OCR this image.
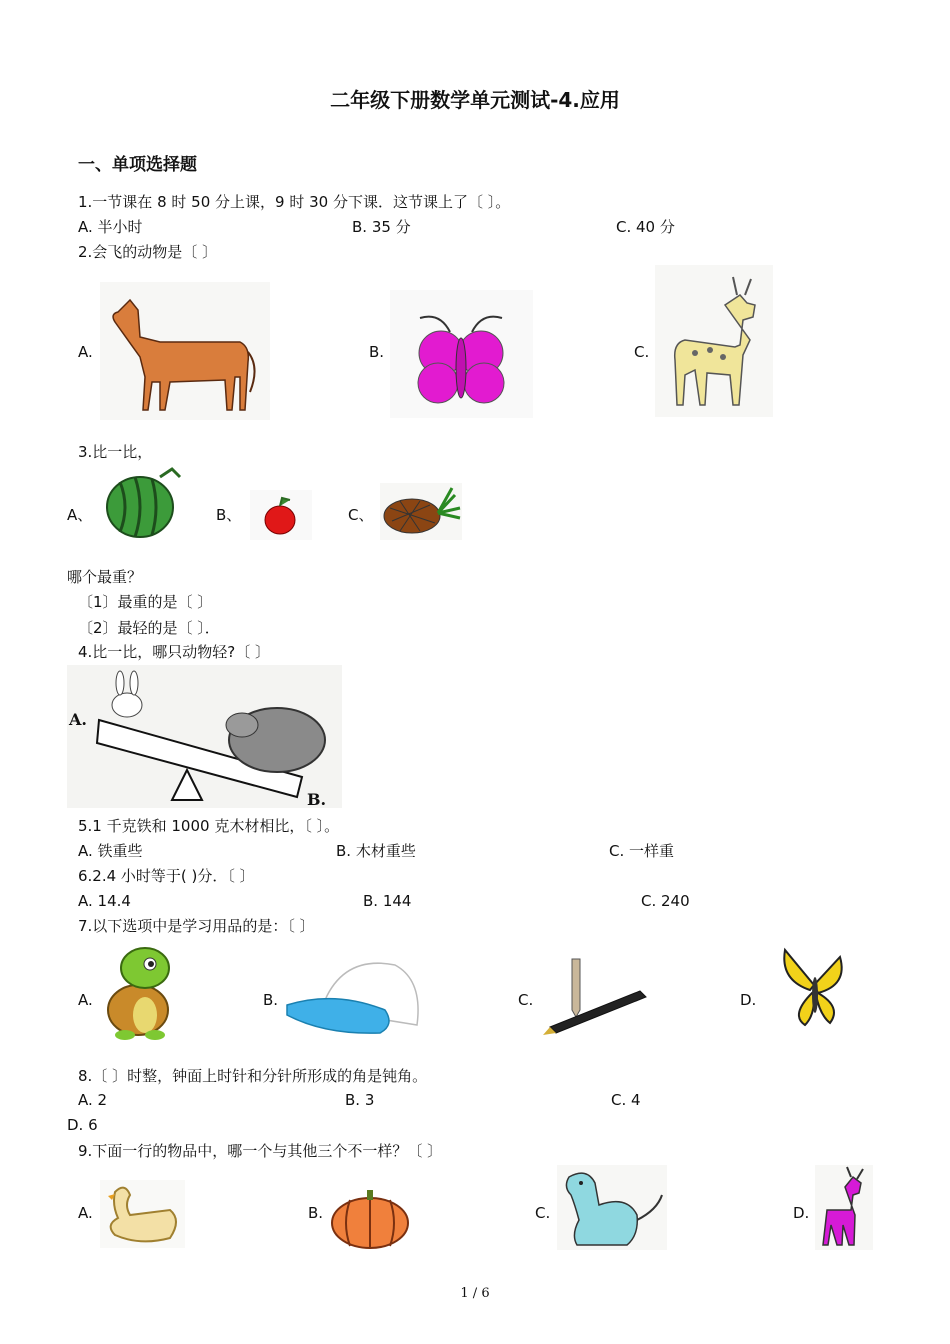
二年级下册数学单元测试-4.应用
一、单项选择题
1.一节课在 8 时 50 分上课，9 时 30 分下课．这节课上了〔 〕。
A. 半小时	B. 35 分	C. 40 分
2.会飞的动物是〔 〕
A.	B.	C.
3.比一比，
A、	B、	C、
哪个最重？
〔1〕最重的是〔 〕
〔2〕最轻的是〔 〕．
4.比一比，哪只动物轻?〔 〕
A.
B.
5.1 千克铁和 1000 克木材相比，〔 〕。
A. 铁重些	B. 木材重些	C. 一样重
6.2.4 小时等于( )分．〔 〕
A. 14.4	B. 144	C. 240
7.以下选项中是学习用品的是：〔 〕
A.	B.	C.	D.
8.〔 〕时整，钟面上时针和分针所形成的角是钝角。
A. 2	B. 3	C. 4
D. 6
9.下面一行的物品中，哪一个与其他三个不一样？〔 〕
A.	B.	C.	D.
1 / 6
